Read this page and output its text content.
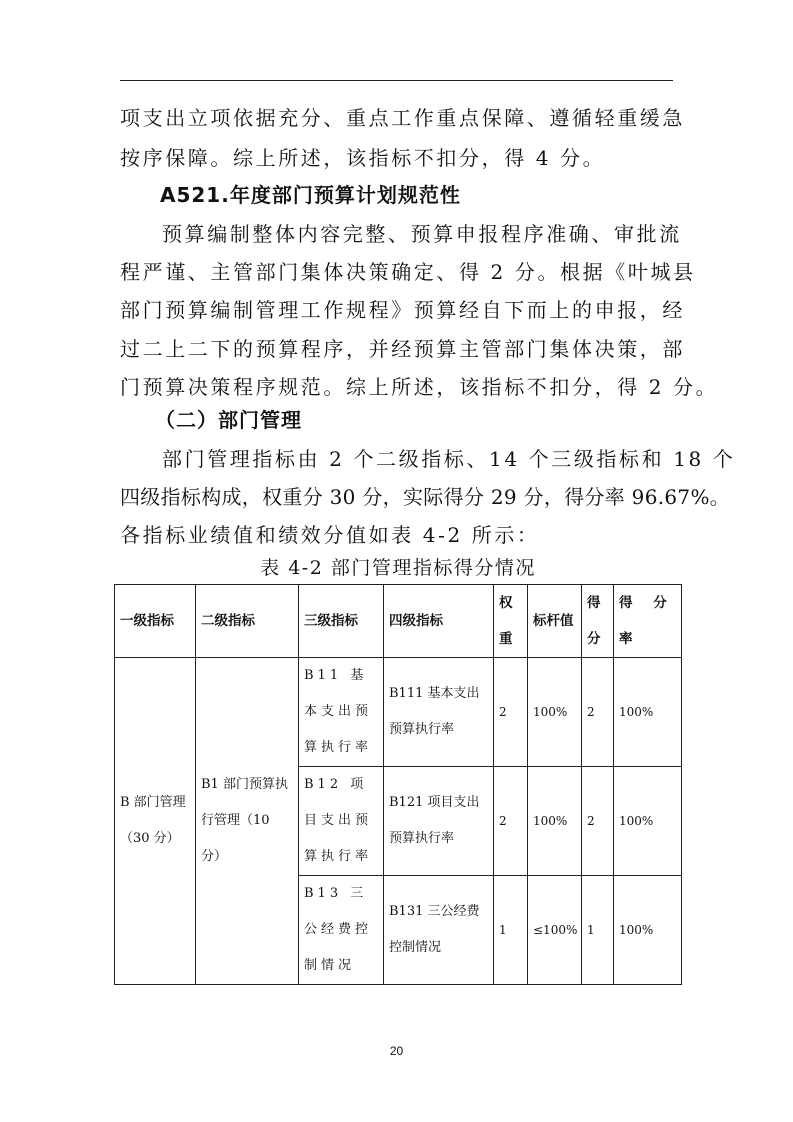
项支出立项依据充分、重点工作重点保障、遵循轻重缓急
按序保障。综上所述，该指标不扣分，得 4 分。
A521.年度部门预算计划规范性
预算编制整体内容完整、预算申报程序准确、审批流
程严谨、主管部门集体决策确定、得 2 分。根据《叶城县
部门预算编制管理工作规程》预算经自下而上的申报，经
过二上二下的预算程序，并经预算主管部门集体决策，部
门预算决策程序规范。综上所述，该指标不扣分，得 2 分。
（二）部门管理
部门管理指标由 2 个二级指标、14 个三级指标和 18 个
四级指标构成，权重分 30 分，实际得分 29 分，得分率 96.67%。
各指标业绩值和绩效分值如表 4-2 所示：
表 4-2 部门管理指标得分情况
一级指标	二级指标	三级指标	四级指标	权重	标杆值	得分	得 分率
B 部门管理（30 分）	B1 部门预算执行管理（10 分）	B11 基本支出预算执行率	B111 基本支出预算执行率	2	100%	2	100%
		B12 项目支出预算执行率	B121 项目支出预算执行率	2	100%	2	100%
		B13 三公经费控制情况	B131 三公经费控制情况	1	≤100%	1	100%
20
